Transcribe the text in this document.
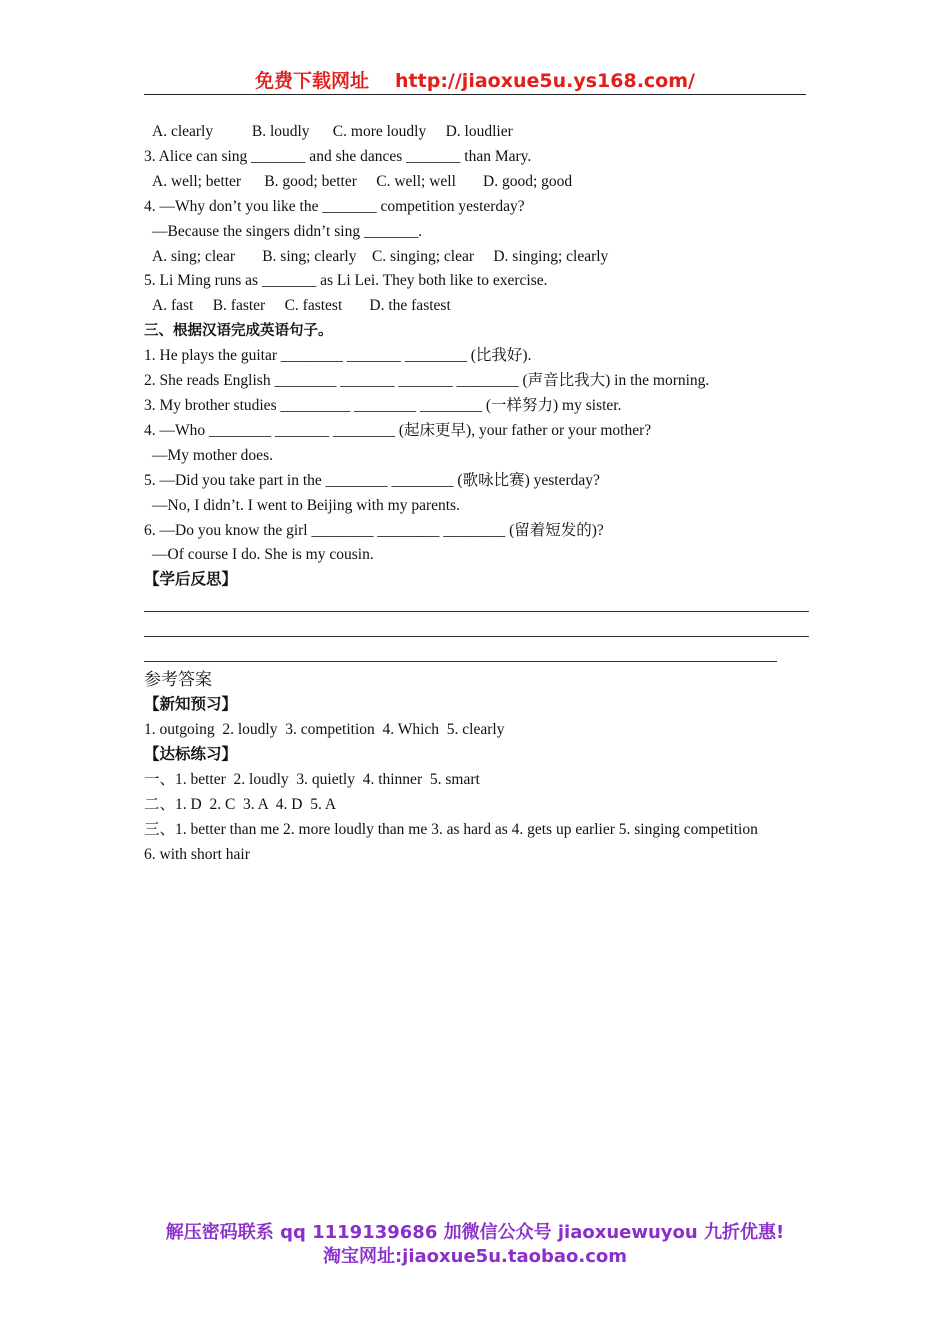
免费下载网址 http://jiaoxue5u.ys168.com/
A. clearly          B. loudly      C. more loudly     D. loudlier
3. Alice can sing _______ and she dances _______ than Mary.
A. well; better      B. good; better     C. well; well       D. good; good
4. —Why don’t you like the _______ competition yesterday?
—Because the singers didn’t sing _______.
A. sing; clear       B. sing; clearly    C. singing; clear     D. singing; clearly
5. Li Ming runs as _______ as Li Lei. They both like to exercise.
A. fast     B. faster     C. fastest       D. the fastest
三、根据汉语完成英语句子。
1. He plays the guitar ________ _______ ________ (比我好).
2. She reads English ________ _______ _______ ________ (声音比我大) in the morning.
3. My brother studies _________ ________ ________ (一样努力) my sister.
4. —Who ________ _______ ________ (起床更早), your father or your mother?
—My mother does.
5. —Did you take part in the ________ ________ (歌咏比赛) yesterday?
—No, I didn’t. I went to Beijing with my parents.
6. —Do you know the girl ________ ________ ________ (留着短发的)?
—Of course I do. She is my cousin.
【学后反思】
参考答案
【新知预习】
1. outgoing  2. loudly  3. competition  4. Which  5. clearly
【达标练习】
一、1. better  2. loudly  3. quietly  4. thinner  5. smart
二、1. D  2. C  3. A  4. D  5. A
三、1. better than me 2. more loudly than me 3. as hard as 4. gets up earlier 5. singing competition 6. with short hair
解压密码联系 qq 1119139686 加微信公众号 jiaoxuewuyou 九折优惠!
淘宝网址:jiaoxue5u.taobao.com
